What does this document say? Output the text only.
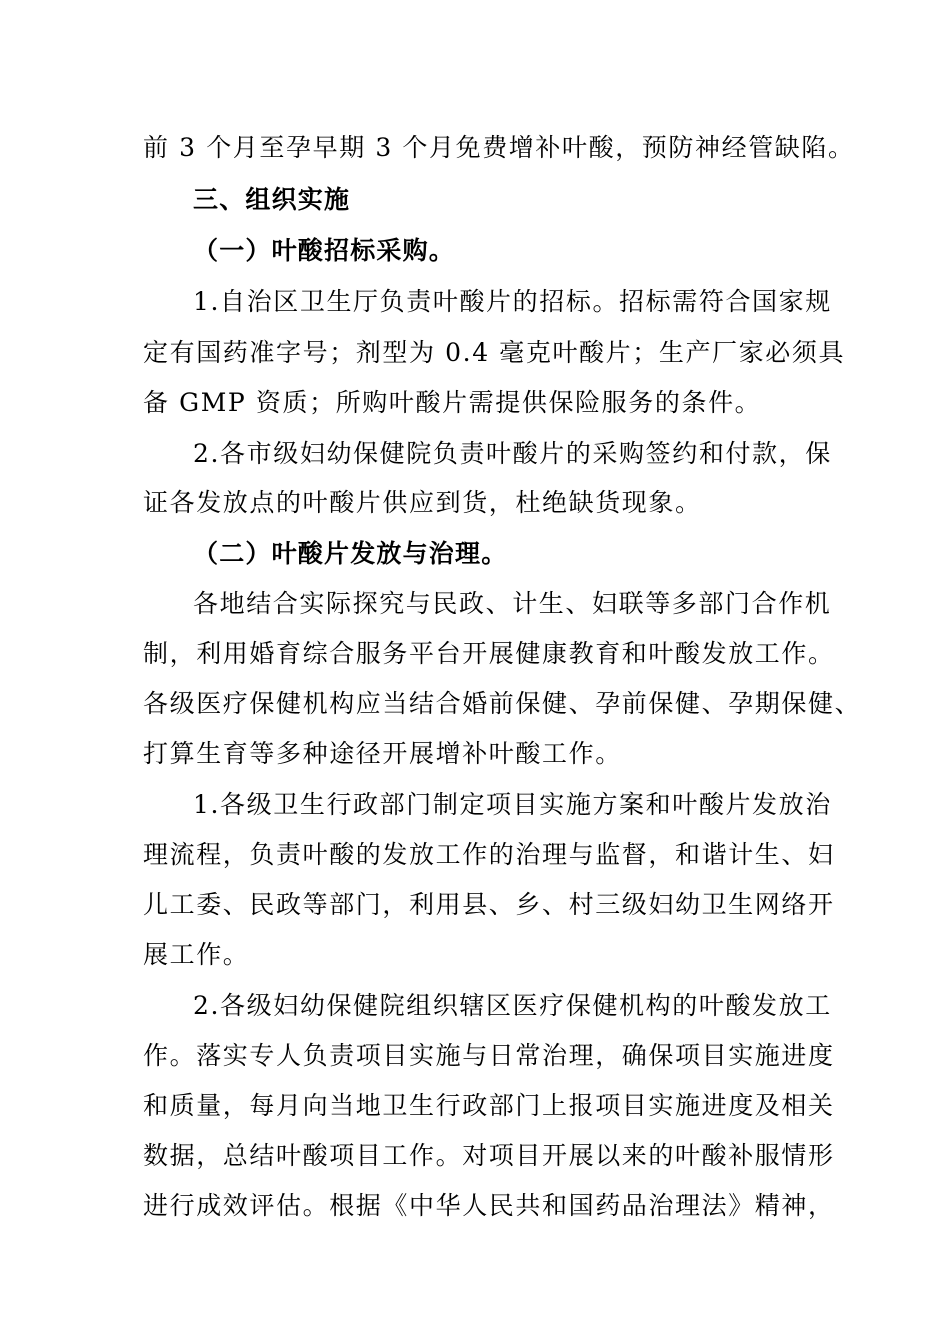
前 3 个月至孕早期 3 个月免费增补叶酸，预防神经管缺陷。
三、组织实施
（一）叶酸招标采购。
1.自治区卫生厅负责叶酸片的招标。招标需符合国家规
定有国药准字号；剂型为 0.4 毫克叶酸片；生产厂家必须具
备 GMP 资质；所购叶酸片需提供保险服务的条件。
2.各市级妇幼保健院负责叶酸片的采购签约和付款，保
证各发放点的叶酸片供应到货，杜绝缺货现象。
（二）叶酸片发放与治理。
各地结合实际探究与民政、计生、妇联等多部门合作机
制，利用婚育综合服务平台开展健康教育和叶酸发放工作。
各级医疗保健机构应当结合婚前保健、孕前保健、孕期保健、
打算生育等多种途径开展增补叶酸工作。
1.各级卫生行政部门制定项目实施方案和叶酸片发放治
理流程，负责叶酸的发放工作的治理与监督，和谐计生、妇
儿工委、民政等部门，利用县、乡、村三级妇幼卫生网络开
展工作。
2.各级妇幼保健院组织辖区医疗保健机构的叶酸发放工
作。落实专人负责项目实施与日常治理，确保项目实施进度
和质量，每月向当地卫生行政部门上报项目实施进度及相关
数据，总结叶酸项目工作。对项目开展以来的叶酸补服情形
进行成效评估。根据《中华人民共和国药品治理法》精神，
